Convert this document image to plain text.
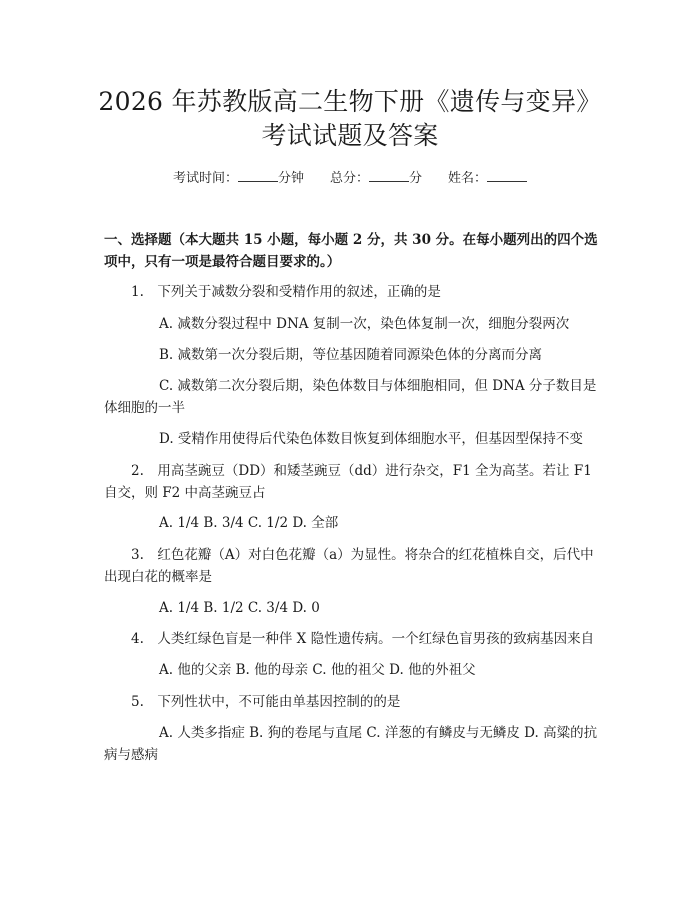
2026 年苏教版高二生物下册《遗传与变异》
考试试题及答案
考试时间：	分钟 总分：	分 姓名：
一、选择题（本大题共 15 小题，每小题 2 分，共 30 分。在每小题列出的四个选项中，只有一项是最符合题目要求的。）
1. 下列关于减数分裂和受精作用的叙述，正确的是
A. 减数分裂过程中 DNA 复制一次，染色体复制一次，细胞分裂两次
B. 减数第一次分裂后期，等位基因随着同源染色体的分离而分离
C. 减数第二次分裂后期，染色体数目与体细胞相同，但 DNA 分子数目是体细胞的一半
D. 受精作用使得后代染色体数目恢复到体细胞水平，但基因型保持不变
2. 用高茎豌豆（DD）和矮茎豌豆（dd）进行杂交，F1 全为高茎。若让 F1 自交，则 F2 中高茎豌豆占
A. 1/4 B. 3/4 C. 1/2 D. 全部
3. 红色花瓣（A）对白色花瓣（a）为显性。将杂合的红花植株自交，后代中出现白花的概率是
A. 1/4 B. 1/2 C. 3/4 D. 0
4. 人类红绿色盲是一种伴 X 隐性遗传病。一个红绿色盲男孩的致病基因来自
A. 他的父亲 B. 他的母亲 C. 他的祖父 D. 他的外祖父
5. 下列性状中，不可能由单基因控制的的是
A. 人类多指症 B. 狗的卷尾与直尾 C. 洋葱的有鳞皮与无鳞皮 D. 高粱的抗病与感病
